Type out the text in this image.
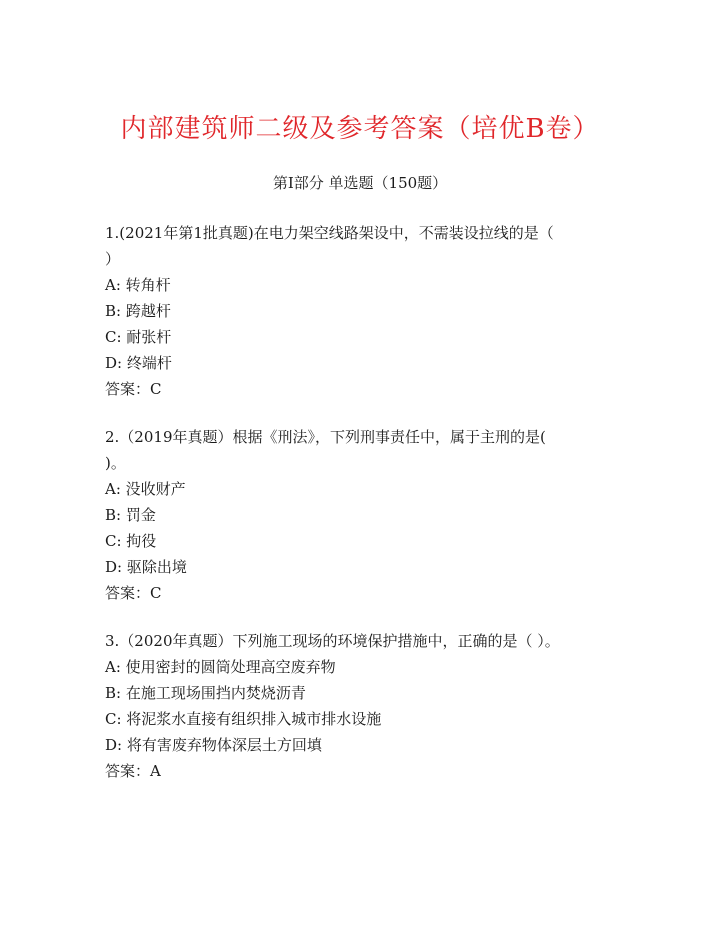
内部建筑师二级及参考答案（培优B卷）
第I部分 单选题（150题）
1.(2021年第1批真题)在电力架空线路架设中，不需装设拉线的是（
）
A: 转角杆
B: 跨越杆
C: 耐张杆
D: 终端杆
答案：C
2.（2019年真题）根据《刑法》，下列刑事责任中，属于主刑的是(
)。
A: 没收财产
B: 罚金
C: 拘役
D: 驱除出境
答案：C
3.（2020年真题）下列施工现场的环境保护措施中，正确的是（ ）。
A: 使用密封的圆筒处理高空废弃物
B: 在施工现场围挡内焚烧沥青
C: 将泥浆水直接有组织排入城市排水设施
D: 将有害废弃物体深层土方回填
答案：A
